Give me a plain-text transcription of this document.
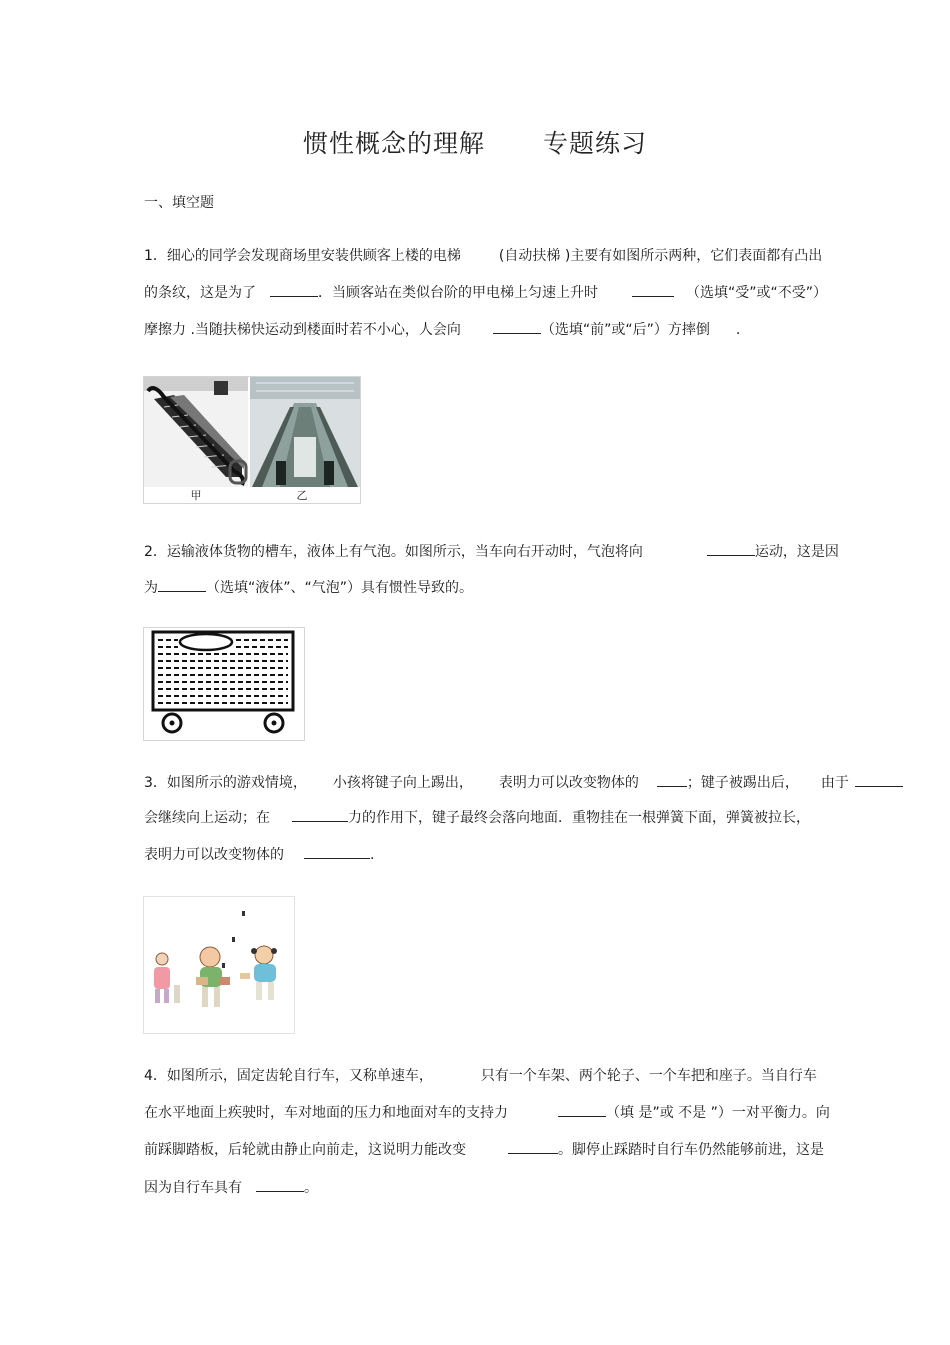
惯性概念的理解 专题练习
一、填空题
1．细心的同学会发现商场里安装供顾客上楼的电梯	(自动扶梯 )主要有如图所示两种，它们表面都有凸出
的条纹，这是为了	．当顾客站在类似台阶的甲电梯上匀速上升时	（选填“受”或“不受”）
摩擦力 .当随扶梯快运动到楼面时若不小心，人会向	（选填“前”或“后”）方摔倒 .
甲	乙
2．运输液体货物的槽车，液体上有气泡。如图所示，当车向右开动时，气泡将向	运动，这是因
为	（选填“液体”、“气泡”）具有惯性导致的。
3．如图所示的游戏情境， 小孩将键子向上踢出， 表明力可以改变物体的	；键子被踢出后， 由于
会继续向上运动；在	力的作用下，键子最终会落向地面．重物挂在一根弹簧下面，弹簧被拉长，
表明力可以改变物体的	.
4．如图所示，固定齿轮自行车，又称单速车，	只有一个车架、两个轮子、一个车把和座子。当自行车
在水平地面上疾驶时，车对地面的压力和地面对车的支持力	（填 是”或 不是 ”）一对平衡力。向
前踩脚踏板，后轮就由静止向前走，这说明力能改变	。脚停止踩踏时自行车仍然能够前进，这是
因为自行车具有	。
